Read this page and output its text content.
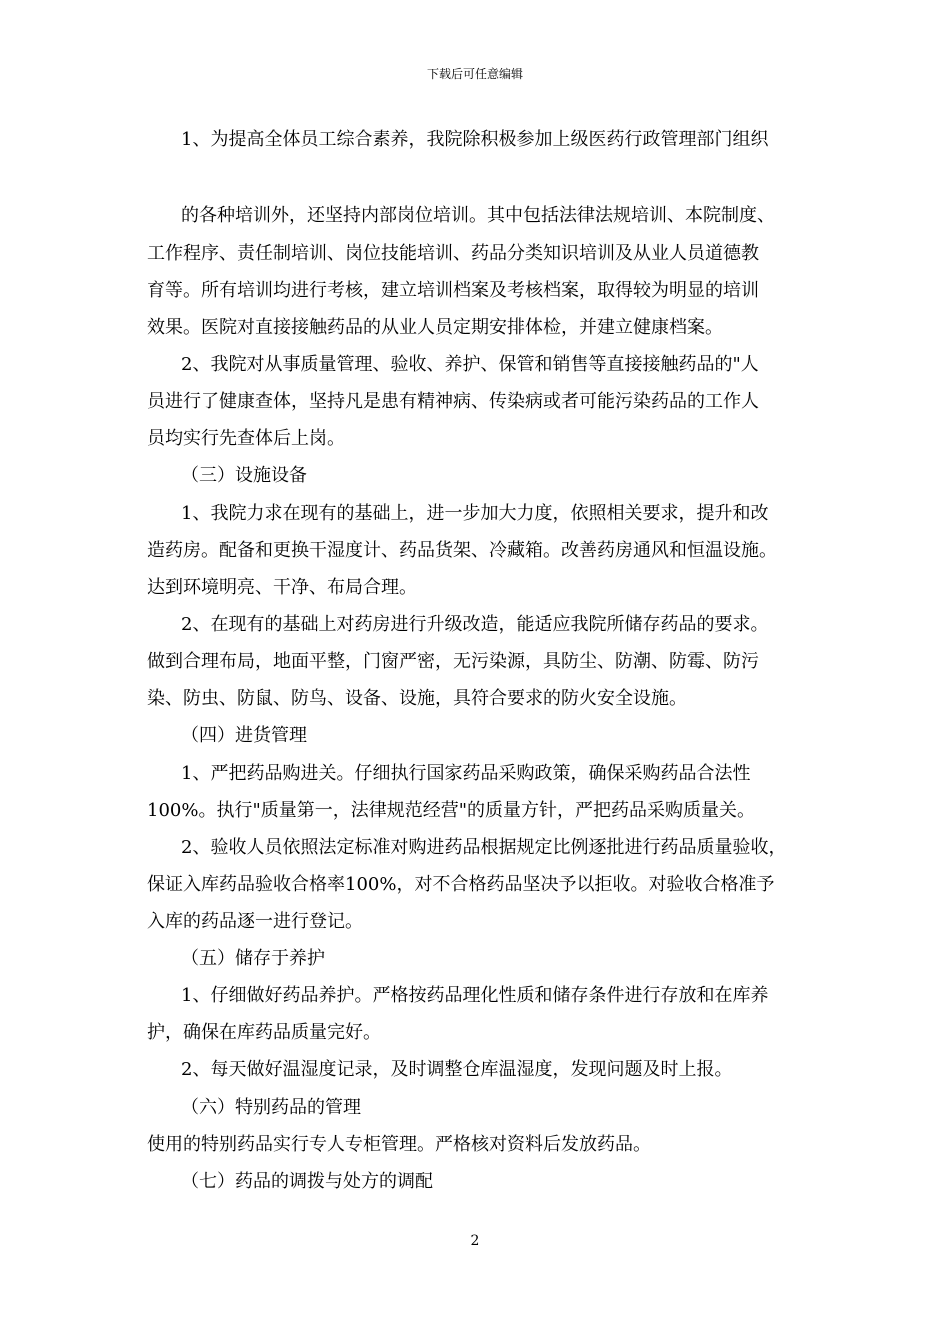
下载后可任意编辑
1、为提高全体员工综合素养，我院除积极参加上级医药行政管理部门组织
的各种培训外，还坚持内部岗位培训。其中包括法律法规培训、本院制度、
工作程序、责任制培训、岗位技能培训、药品分类知识培训及从业人员道德教
育等。所有培训均进行考核，建立培训档案及考核档案，取得较为明显的培训
效果。医院对直接接触药品的从业人员定期安排体检，并建立健康档案。
2、我院对从事质量管理、验收、养护、保管和销售等直接接触药品的"人
员进行了健康查体，坚持凡是患有精神病、传染病或者可能污染药品的工作人
员均实行先查体后上岗。
（三）设施设备
1、我院力求在现有的基础上，进一步加大力度，依照相关要求，提升和改
造药房。配备和更换干湿度计、药品货架、冷藏箱。改善药房通风和恒温设施。
达到环境明亮、干净、布局合理。
2、在现有的基础上对药房进行升级改造，能适应我院所储存药品的要求。
做到合理布局，地面平整，门窗严密，无污染源，具防尘、防潮、防霉、防污
染、防虫、防鼠、防鸟、设备、设施，具符合要求的防火安全设施。
（四）进货管理
1、严把药品购进关。仔细执行国家药品采购政策，确保采购药品合法性
100%。执行"质量第一，法律规范经营"的质量方针，严把药品采购质量关。
2、验收人员依照法定标准对购进药品根据规定比例逐批进行药品质量验收，
保证入库药品验收合格率100%，对不合格药品坚决予以拒收。对验收合格准予
入库的药品逐一进行登记。
（五）储存于养护
1、仔细做好药品养护。严格按药品理化性质和储存条件进行存放和在库养
护，确保在库药品质量完好。
2、每天做好温湿度记录，及时调整仓库温湿度，发现问题及时上报。
（六）特别药品的管理
使用的特别药品实行专人专柜管理。严格核对资料后发放药品。
（七）药品的调拨与处方的调配
2
